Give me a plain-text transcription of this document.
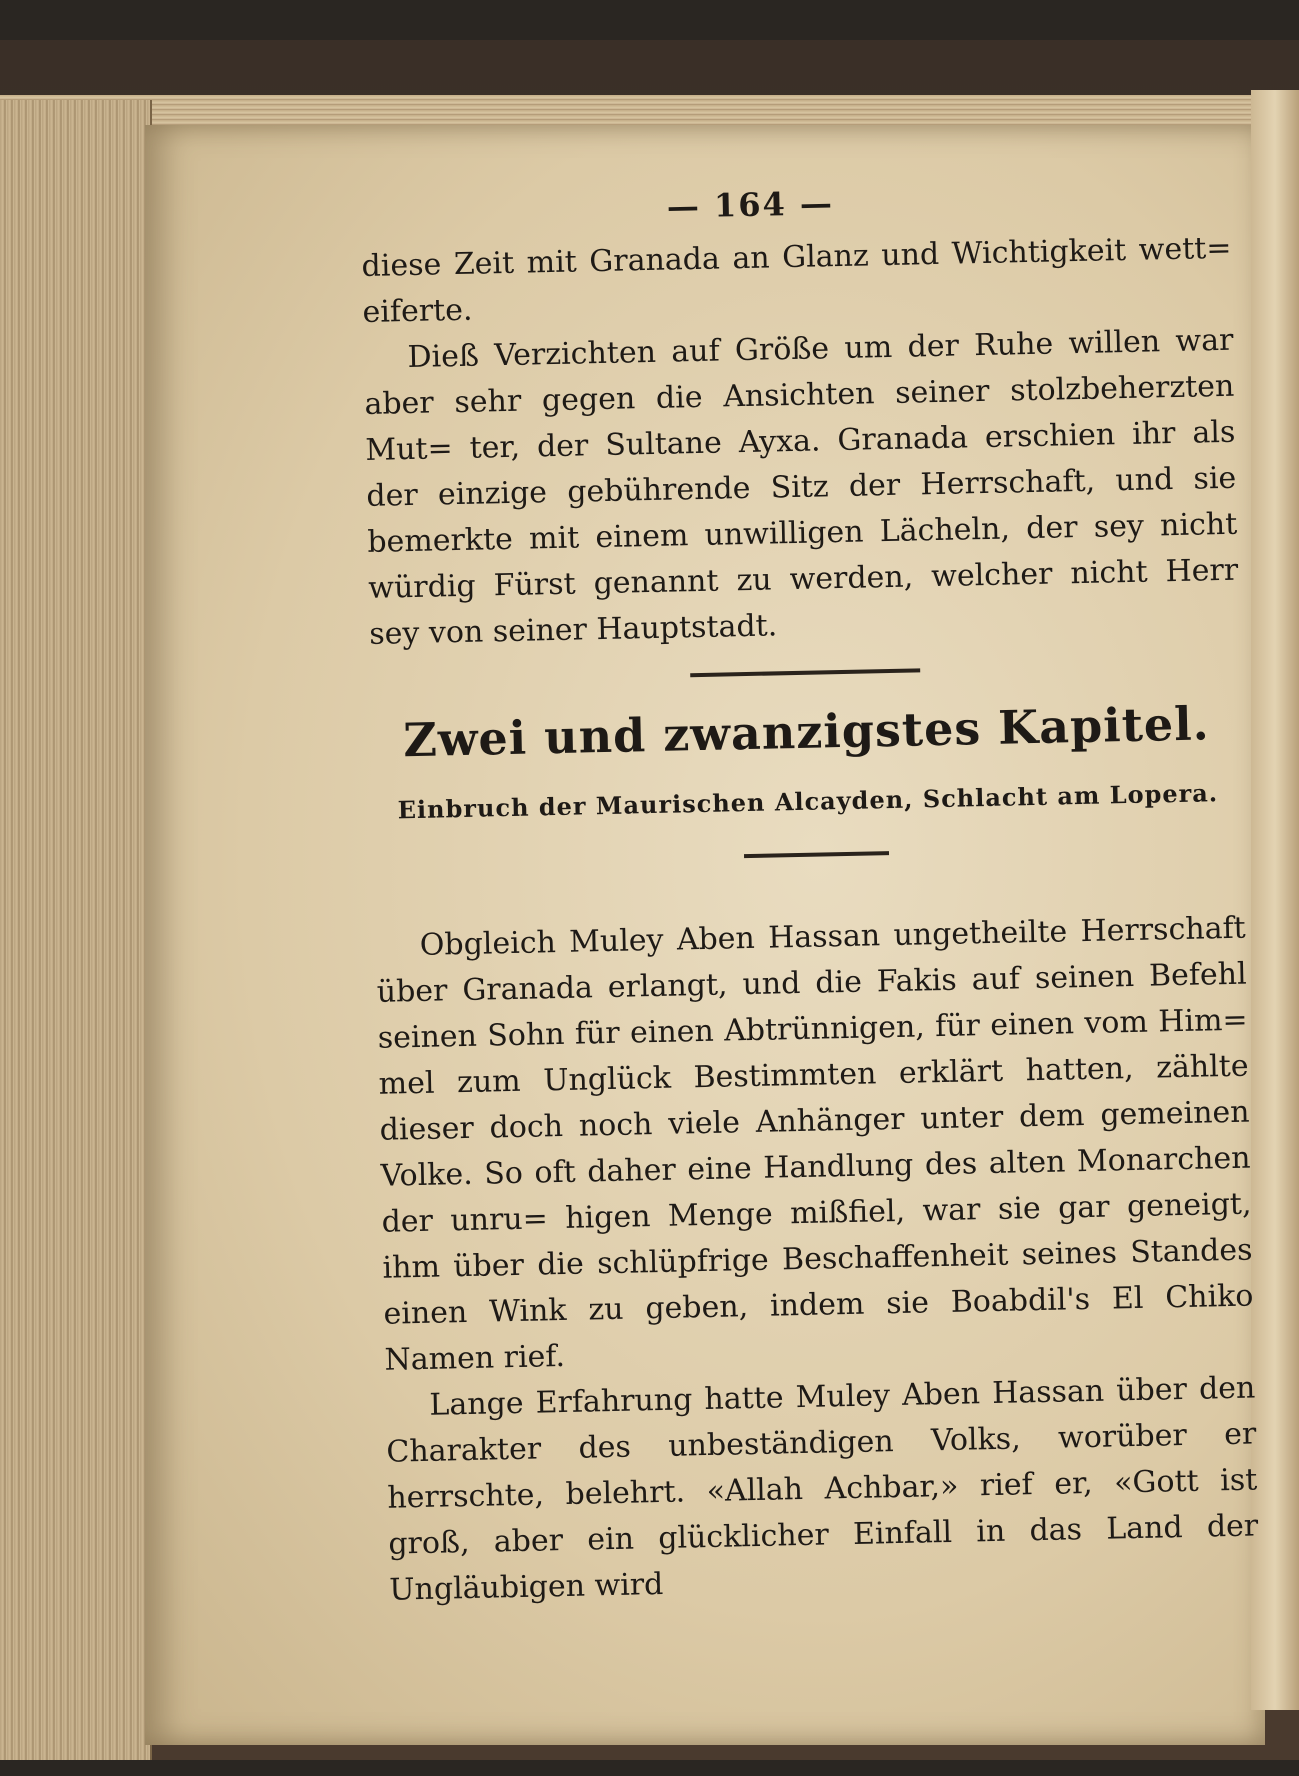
— 164 —

diese Zeit mit Granada an Glanz und Wichtigkeit wett= eiferte.

Dieß Verzichten auf Größe um der Ruhe willen war aber sehr gegen die Ansichten seiner stolzbeherzten Mut= ter, der Sultane Ayxa. Granada erschien ihr als der einzige gebührende Sitz der Herrschaft, und sie bemerkte mit einem unwilligen Lächeln, der sey nicht würdig Fürst genannt zu werden, welcher nicht Herr sey von seiner Hauptstadt.

Zwei und zwanzigstes Kapitel.
Einbruch der Maurischen Alcayden, Schlacht am Lopera.

Obgleich Muley Aben Hassan ungetheilte Herrschaft über Granada erlangt, und die Fakis auf seinen Befehl seinen Sohn für einen Abtrünnigen, für einen vom Him= mel zum Unglück Bestimmten erklärt hatten, zählte dieser doch noch viele Anhänger unter dem gemeinen Volke. So oft daher eine Handlung des alten Monarchen der unru= higen Menge mißfiel, war sie gar geneigt, ihm über die schlüpfrige Beschaffenheit seines Standes einen Wink zu geben, indem sie Boabdil's El Chiko Namen rief.

Lange Erfahrung hatte Muley Aben Hassan über den Charakter des unbeständigen Volks, worüber er herrschte, belehrt. «Allah Achbar,» rief er, «Gott ist groß, aber ein glücklicher Einfall in das Land der Ungläubigen wird
